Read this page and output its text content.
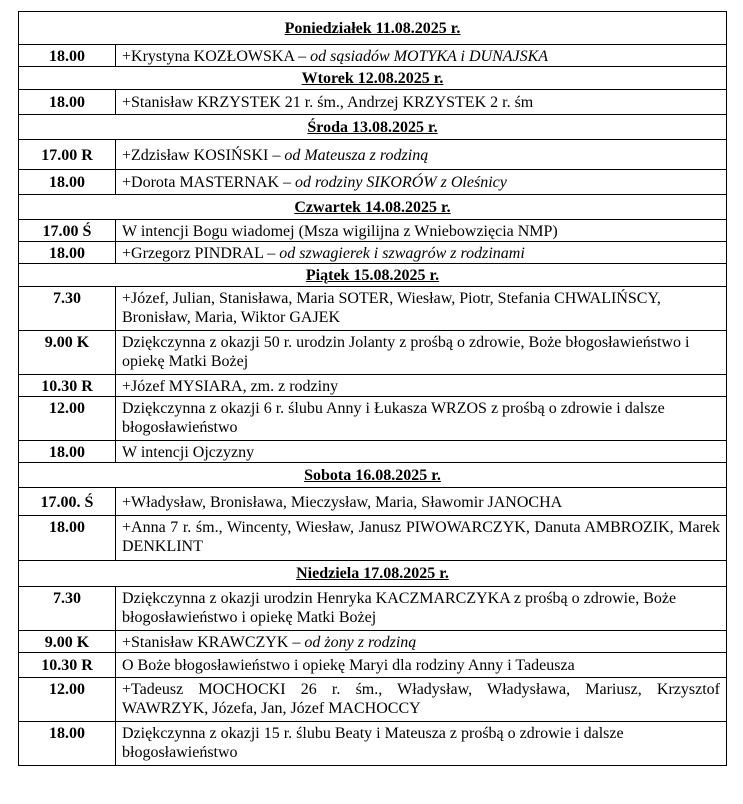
Poniedziałek 11.08.2025 r.	
18.00	+Krystyna KOZŁOWSKA – od sąsiadów MOTYKA i DUNAJSKA
Wtorek 12.08.2025 r.	
18.00	+Stanisław KRZYSTEK 21 r. śm., Andrzej KRZYSTEK 2 r. śm
Środa 13.08.2025 r.	
17.00 R	+Zdzisław KOSIŃSKI – od Mateusza z rodziną
18.00	+Dorota MASTERNAK – od rodziny SIKORÓW z Oleśnicy
Czwartek 14.08.2025 r.	
17.00 Ś	W intencji Bogu wiadomej (Msza wigilijna z Wniebowzięcia NMP)
18.00	+Grzegorz PINDRAL – od szwagierek i szwagrów z rodzinami
Piątek 15.08.2025 r.	
7.30	+Józef, Julian, Stanisława, Maria SOTER, Wiesław, Piotr, Stefania CHWALIŃSCY, Bronisław, Maria, Wiktor GAJEK
9.00 K	Dziękczynna z okazji 50 r. urodzin Jolanty z prośbą o zdrowie, Boże błogosławieństwo i opiekę Matki Bożej
10.30 R	+Józef MYSIARA, zm. z rodziny
12.00	Dziękczynna z okazji 6 r. ślubu Anny i Łukasza WRZOS z prośbą o zdrowie i dalsze błogosławieństwo
18.00	W intencji Ojczyzny
Sobota 16.08.2025 r.	
17.00. Ś	+Władysław, Bronisława, Mieczysław, Maria, Sławomir JANOCHA
18.00	+Anna 7 r. śm., Wincenty, Wiesław, Janusz PIWOWARCZYK, Danuta AMBROZIK, Marek DENKLINT
Niedziela 17.08.2025 r.	
7.30	Dziękczynna z okazji urodzin Henryka KACZMARCZYKA z prośbą o zdrowie, Boże błogosławieństwo i opiekę Matki Bożej
9.00 K	+Stanisław KRAWCZYK – od żony z rodziną
10.30 R	O Boże błogosławieństwo i opiekę Maryi dla rodziny Anny i Tadeusza
12.00	+Tadeusz MOCHOCKI 26 r. śm., Władysław, Władysława, Mariusz, Krzysztof WAWRZYK, Józefa, Jan, Józef MACHOCCY
18.00	Dziękczynna z okazji 15 r. ślubu Beaty i Mateusza z prośbą o zdrowie i dalsze błogosławieństwo
